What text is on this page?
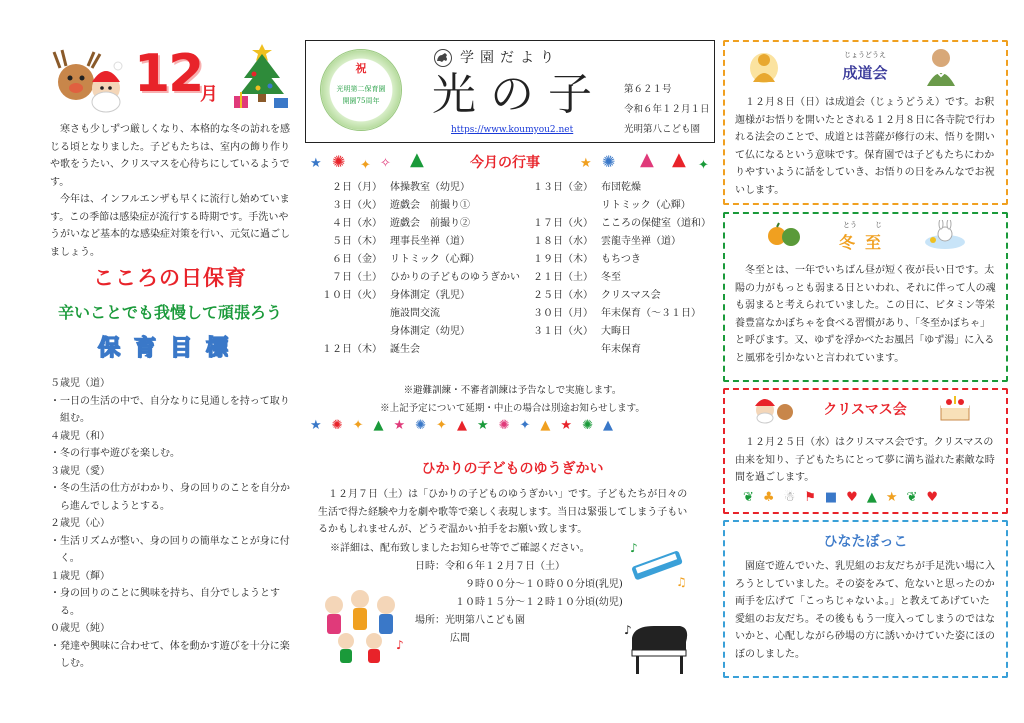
12
月
寒さも少しずつ厳しくなり、本格的な冬の訪れを感じる頃となりました。子どもたちは、室内の飾り作りや歌をうたい、クリスマスを心待ちにしているようです。
今年は、インフルエンザも早くに流行し始めています。この季節は感染症が流行する時期です。手洗いやうがいなど基本的な感染症対策を行い、元気に過ごしましょう。
こころの日保育
辛いことでも我慢して頑張ろう
保育目標
５歳児（道）
・一日の生活の中で、自分なりに見通しを持って取り組む。
４歳児（和）
・冬の行事や遊びを楽しむ。
３歳児（愛）
・冬の生活の仕方がわかり、身の回りのことを自分から進んでしようとする。
２歳児（心）
・生活リズムが整い、身の回りの簡単なことが身に付く。
１歳児（輝）
・身の回りのことに興味を持ち、自分でしようとする。
０歳児（純）
・発達や興味に合わせて、体を動かす遊びを十分に楽しむ。
祝
光明第二保育園
開園75周年
学園だより
光の子
https://www.koumyou2.net
第６２１号
令和６年１２月１日
光明第八こども園
★ ✺ ✦ ✧ ▲	今月の行事	★ ✺ ▲ ▲ ✦
２日（月） 体操教室（幼児）
３日（火） 遊戯会　前撮り①
４日（水） 遊戯会　前撮り②
５日（木） 理事長坐禅（道）
６日（金） リトミック（心輝）
７日（土） ひかりの子どものゆうぎかい
１０日（火） 身体測定（乳児）
施設問交流
身体測定（幼児）
１２日（木） 誕生会
１３日（金） 布団乾燥
リトミック（心輝）
１７日（火） こころの保健室（道和）
１８日（水） 雲龍寺坐禅（道）
１９日（木） もちつき
２１日（土） 冬至
２５日（水） クリスマス会
３０日（月） 年末保育（～３１日）
３１日（火） 大晦日
年末保育
※避難訓練・不審者訓練は予告なしで実施します。
※上記予定について延期・中止の場合は別途お知らせします。
★✺✦▲★✺✦▲★✺✦▲★✺▲
ひかりの子どものゆうぎかい
１２月７日（土）は「ひかりの子どものゆうぎかい」です。子どもたちが日々の生活で得た経験や力を劇や歌等で楽しく表現します。当日は緊張してしまう子もいるかもしれませんが、どうぞ温かい拍手をお願い致します。
※詳細は、配布致しましたお知らせ等でご確認ください。
日時：令和６年１２月７日（土）
９時００分～１０時００分頃(乳児)
１０時１５分～１２時１０分頃(幼児)
場所：光明第八こども園
広間
♪
♪
♫
♪
じょうどうえ
成道会
１２月８日（日）は成道会（じょうどうえ）です。お釈迦様がお悟りを開いたとされる１２月８日に各寺院で行われる法会のことで、成道とは菩薩が修行の末、悟りを開いて仏になるという意味です。保育園では子どもたちにわかりやすいように話をしていき、お悟りの日をみんなでお祝いします。
とう	じ
冬至
冬至とは、一年でいちばん昼が短く夜が長い日です。太陽の力がもっとも弱まる日といわれ、それに伴って人の魂も弱まると考えられていました。この日に、ビタミン等栄養豊富なかぼちゃを食べる習慣があり、「冬至かぼちゃ」と呼びます。又、ゆずを浮かべたお風呂「ゆず湯」に入ると風邪を引かないと言われています。
クリスマス会
１２月２５日（水）はクリスマス会です。クリスマスの由来を知り、子どもたちにとって夢に満ち溢れた素敵な時間を過ごします。
❦♣☃⚑■♥▲★❦♥
ひなたぼっこ
園庭で遊んでいた、乳児組のお友だちが手足洗い場に入ろうとしていました。その姿をみて、危ないと思ったのか両手を広げて「こっちじゃないよ。」と教えてあげていた愛組のお友だち。その後ももう一度入ってしまうのではないかと、心配しながら砂場の方に誘いかけていた姿にほのぼのしました。
